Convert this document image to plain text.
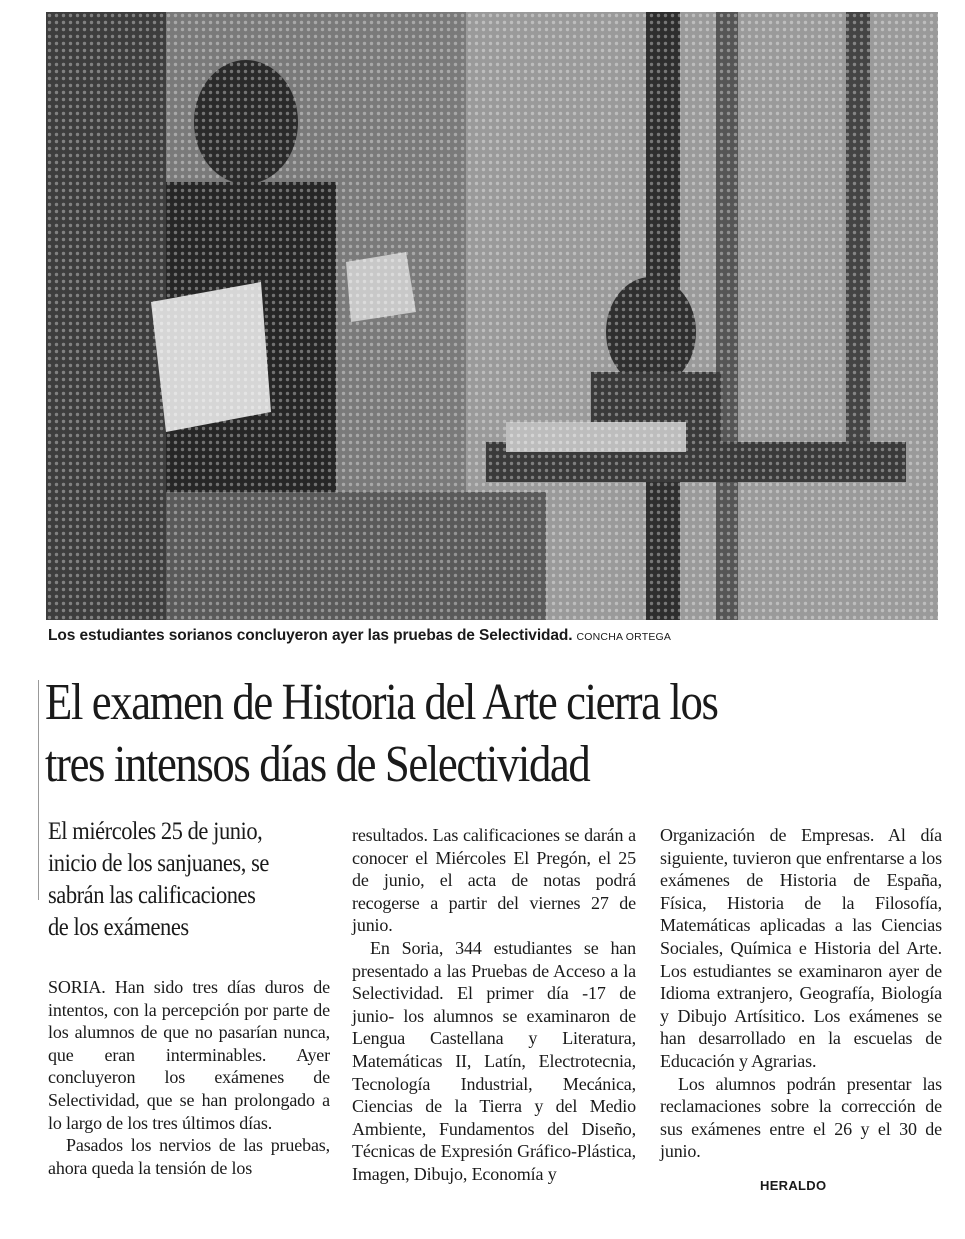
Los estudiantes sorianos concluyeron ayer las pruebas de Selectividad. CONCHA ORTEGA
El examen de Historia del Arte cierra los
tres intensos días de Selectividad
El miércoles 25 de junio,
inicio de los sanjuanes, se
sabrán las calificaciones
de los exámenes

SORIA. Han sido tres días duros de intentos, con la percepción por parte de los alumnos de que no pasarían nunca, que eran interminables. Ayer concluyeron los exámenes de Selectividad, que se han prolongado a lo largo de los tres últimos días.

Pasados los nervios de las pruebas, ahora queda la tensión de los

resultados. Las calificaciones se darán a conocer el Miércoles El Pregón, el 25 de junio, el acta de notas podrá recogerse a partir del viernes 27 de junio.

En Soria, 344 estudiantes se han presentado a las Pruebas de Acceso a la Selectividad. El primer día -17 de junio- los alumnos se examinaron de Lengua Castellana y Literatura, Matemáticas II, Latín, Electrotecnia, Tecnología Industrial, Mecánica, Ciencias de la Tierra y del Medio Ambiente, Fundamentos del Diseño, Técnicas de Expresión Gráfico-Plástica, Imagen, Dibujo, Economía y

Organización de Empresas. Al día siguiente, tuvieron que enfrentarse a los exámenes de Historia de España, Física, Historia de la Filosofía, Matemáticas aplicadas a las Ciencias Sociales, Química e Historia del Arte. Los estudiantes se examinaron ayer de Idioma extranjero, Geografía, Biología y Dibujo Artísitico. Los exámenes se han desarrollado en la escuelas de Educación y Agrarias.

Los alumnos podrán presentar las reclamaciones sobre la corrección de sus exámenes entre el 26 y el 30 de junio.

HERALDO
